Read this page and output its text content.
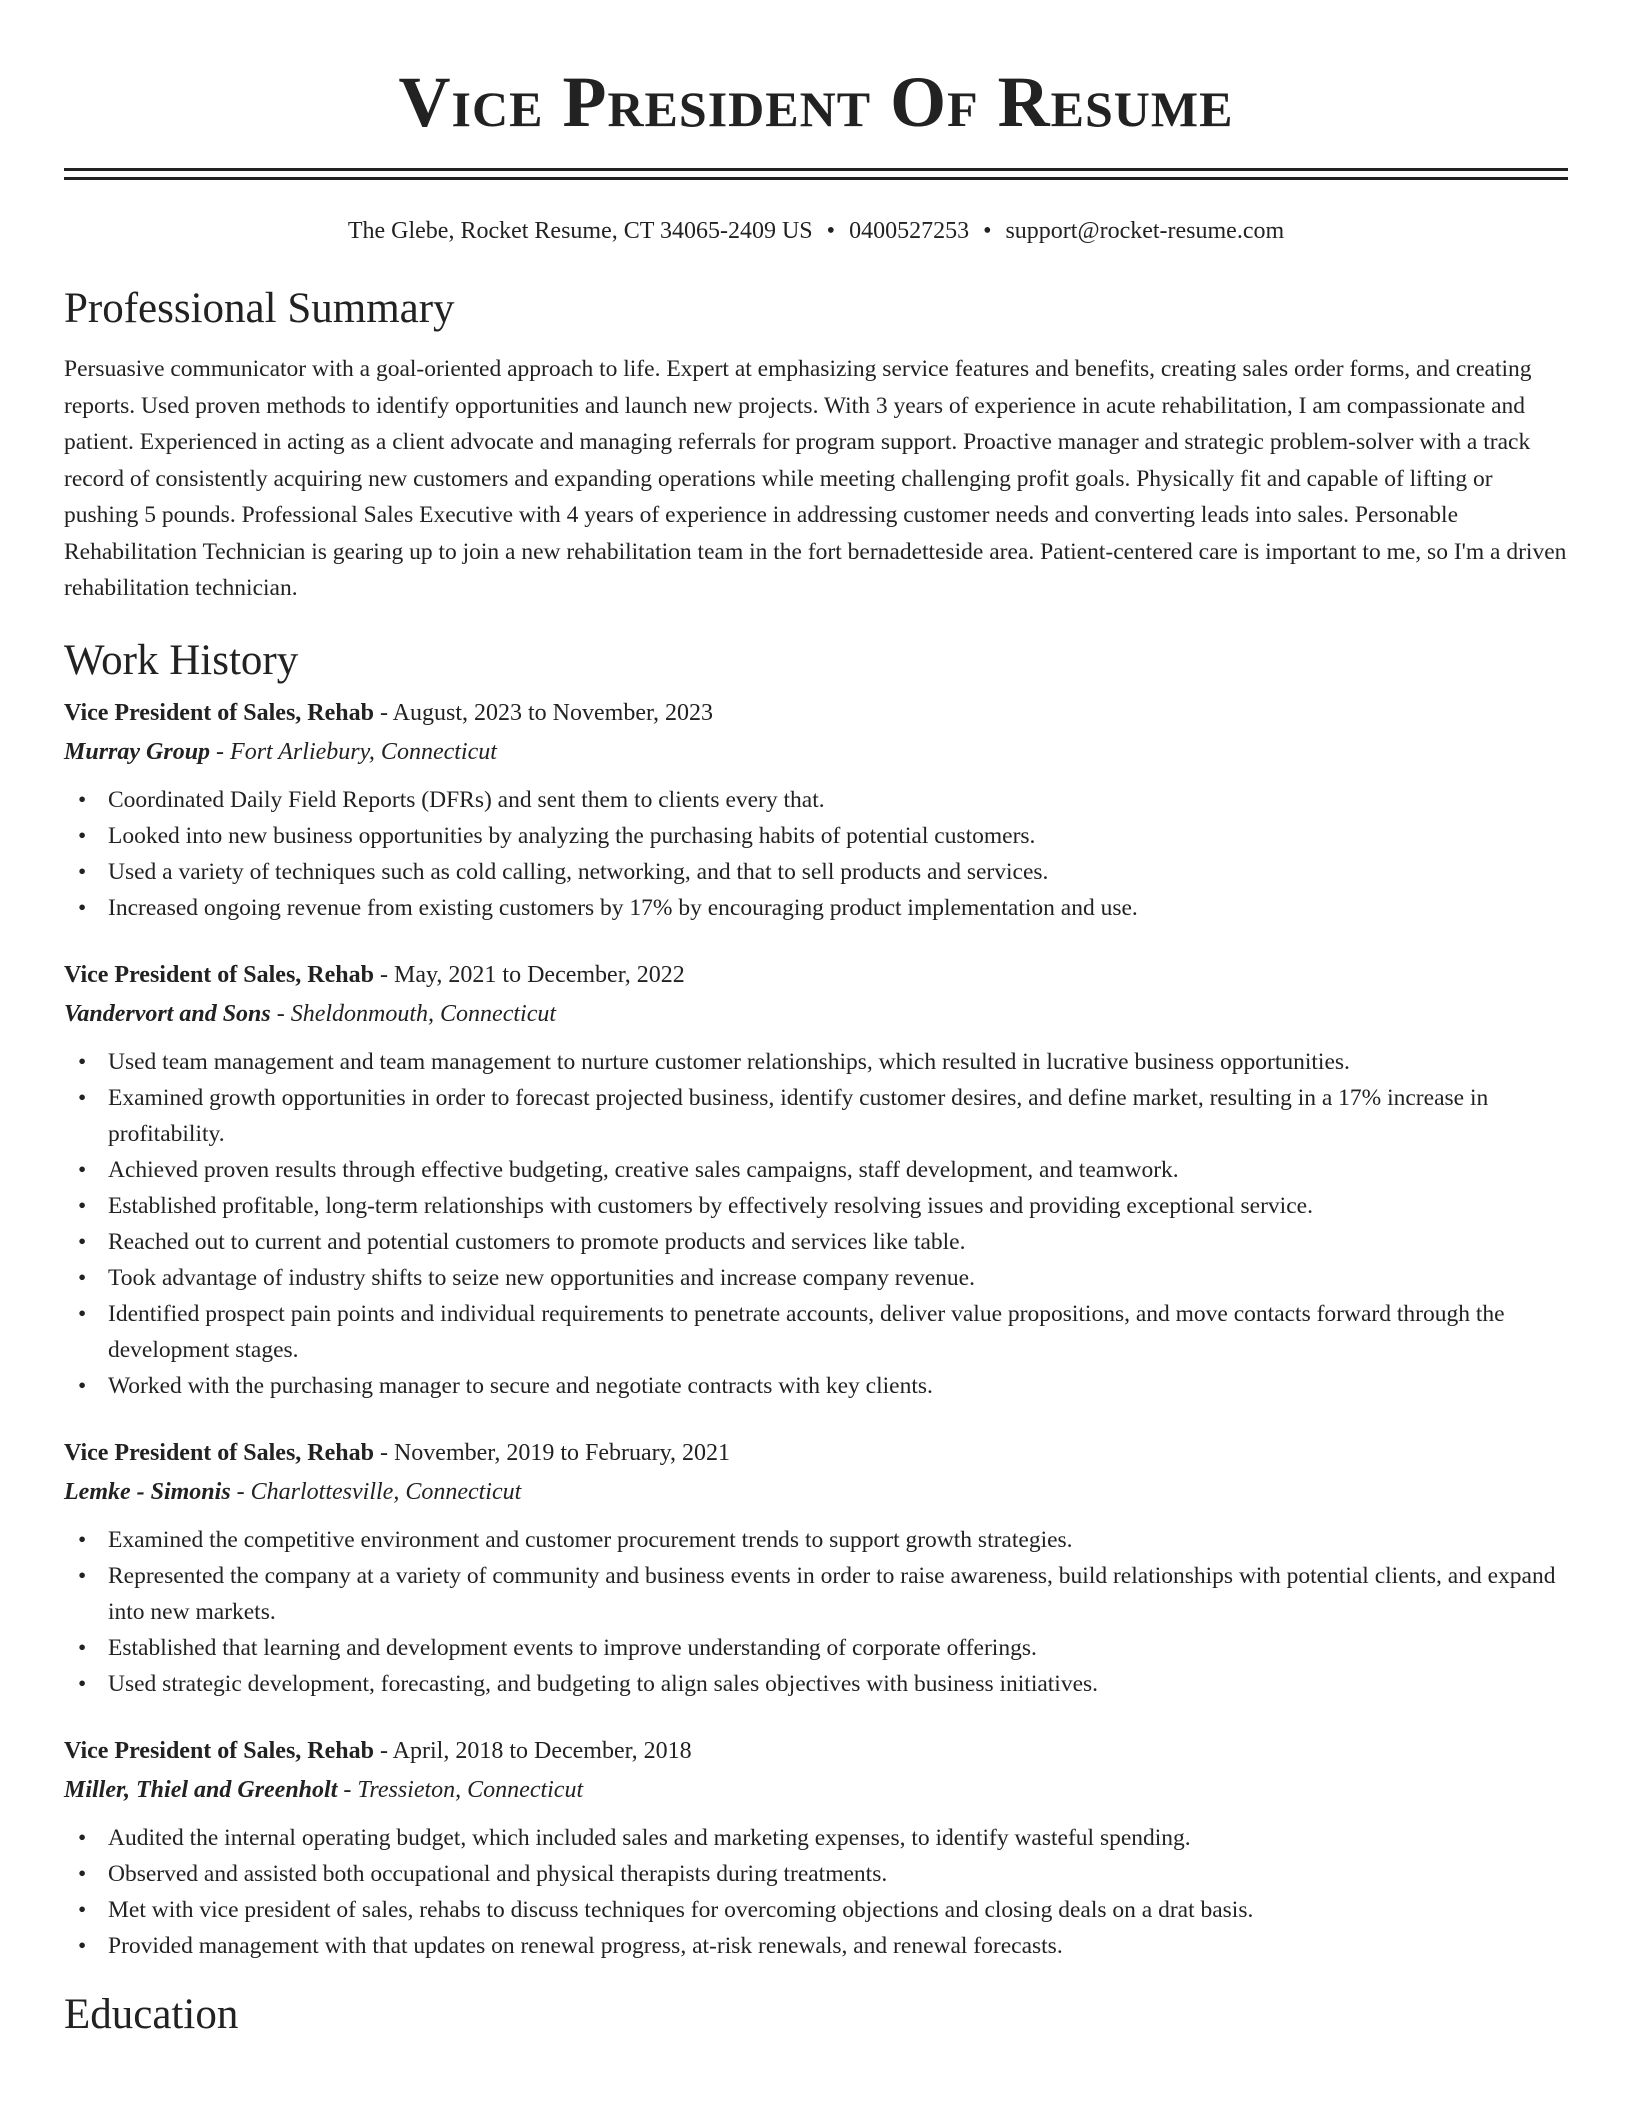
Vice President Of Resume
The Glebe, Rocket Resume, CT 34065-2409 US • 0400527253 • support@rocket-resume.com
Professional Summary

Persuasive communicator with a goal-oriented approach to life. Expert at emphasizing service features and benefits, creating sales order forms, and creating reports. Used proven methods to identify opportunities and launch new projects. With 3 years of experience in acute rehabilitation, I am compassionate and patient. Experienced in acting as a client advocate and managing referrals for program support. Proactive manager and strategic problem-solver with a track record of consistently acquiring new customers and expanding operations while meeting challenging profit goals. Physically fit and capable of lifting or pushing 5 pounds. Professional Sales Executive with 4 years of experience in addressing customer needs and converting leads into sales. Personable Rehabilitation Technician is gearing up to join a new rehabilitation team in the fort bernadetteside area. Patient-centered care is important to me, so I'm a driven rehabilitation technician.

Work History
Vice President of Sales, Rehab - August, 2023 to November, 2023
Murray Group - Fort Arliebury, Connecticut
• Coordinated Daily Field Reports (DFRs) and sent them to clients every that.
• Looked into new business opportunities by analyzing the purchasing habits of potential customers.
• Used a variety of techniques such as cold calling, networking, and that to sell products and services.
• Increased ongoing revenue from existing customers by 17% by encouraging product implementation and use.
Vice President of Sales, Rehab - May, 2021 to December, 2022
Vandervort and Sons - Sheldonmouth, Connecticut
• Used team management and team management to nurture customer relationships, which resulted in lucrative business opportunities.
• Examined growth opportunities in order to forecast projected business, identify customer desires, and define market, resulting in a 17% increase in profitability.
• Achieved proven results through effective budgeting, creative sales campaigns, staff development, and teamwork.
• Established profitable, long-term relationships with customers by effectively resolving issues and providing exceptional service.
• Reached out to current and potential customers to promote products and services like table.
• Took advantage of industry shifts to seize new opportunities and increase company revenue.
• Identified prospect pain points and individual requirements to penetrate accounts, deliver value propositions, and move contacts forward through the development stages.
• Worked with the purchasing manager to secure and negotiate contracts with key clients.
Vice President of Sales, Rehab - November, 2019 to February, 2021
Lemke - Simonis - Charlottesville, Connecticut
• Examined the competitive environment and customer procurement trends to support growth strategies.
• Represented the company at a variety of community and business events in order to raise awareness, build relationships with potential clients, and expand into new markets.
• Established that learning and development events to improve understanding of corporate offerings.
• Used strategic development, forecasting, and budgeting to align sales objectives with business initiatives.
Vice President of Sales, Rehab - April, 2018 to December, 2018
Miller, Thiel and Greenholt - Tressieton, Connecticut
• Audited the internal operating budget, which included sales and marketing expenses, to identify wasteful spending.
• Observed and assisted both occupational and physical therapists during treatments.
• Met with vice president of sales, rehabs to discuss techniques for overcoming objections and closing deals on a drat basis.
• Provided management with that updates on renewal progress, at-risk renewals, and renewal forecasts.
Education
